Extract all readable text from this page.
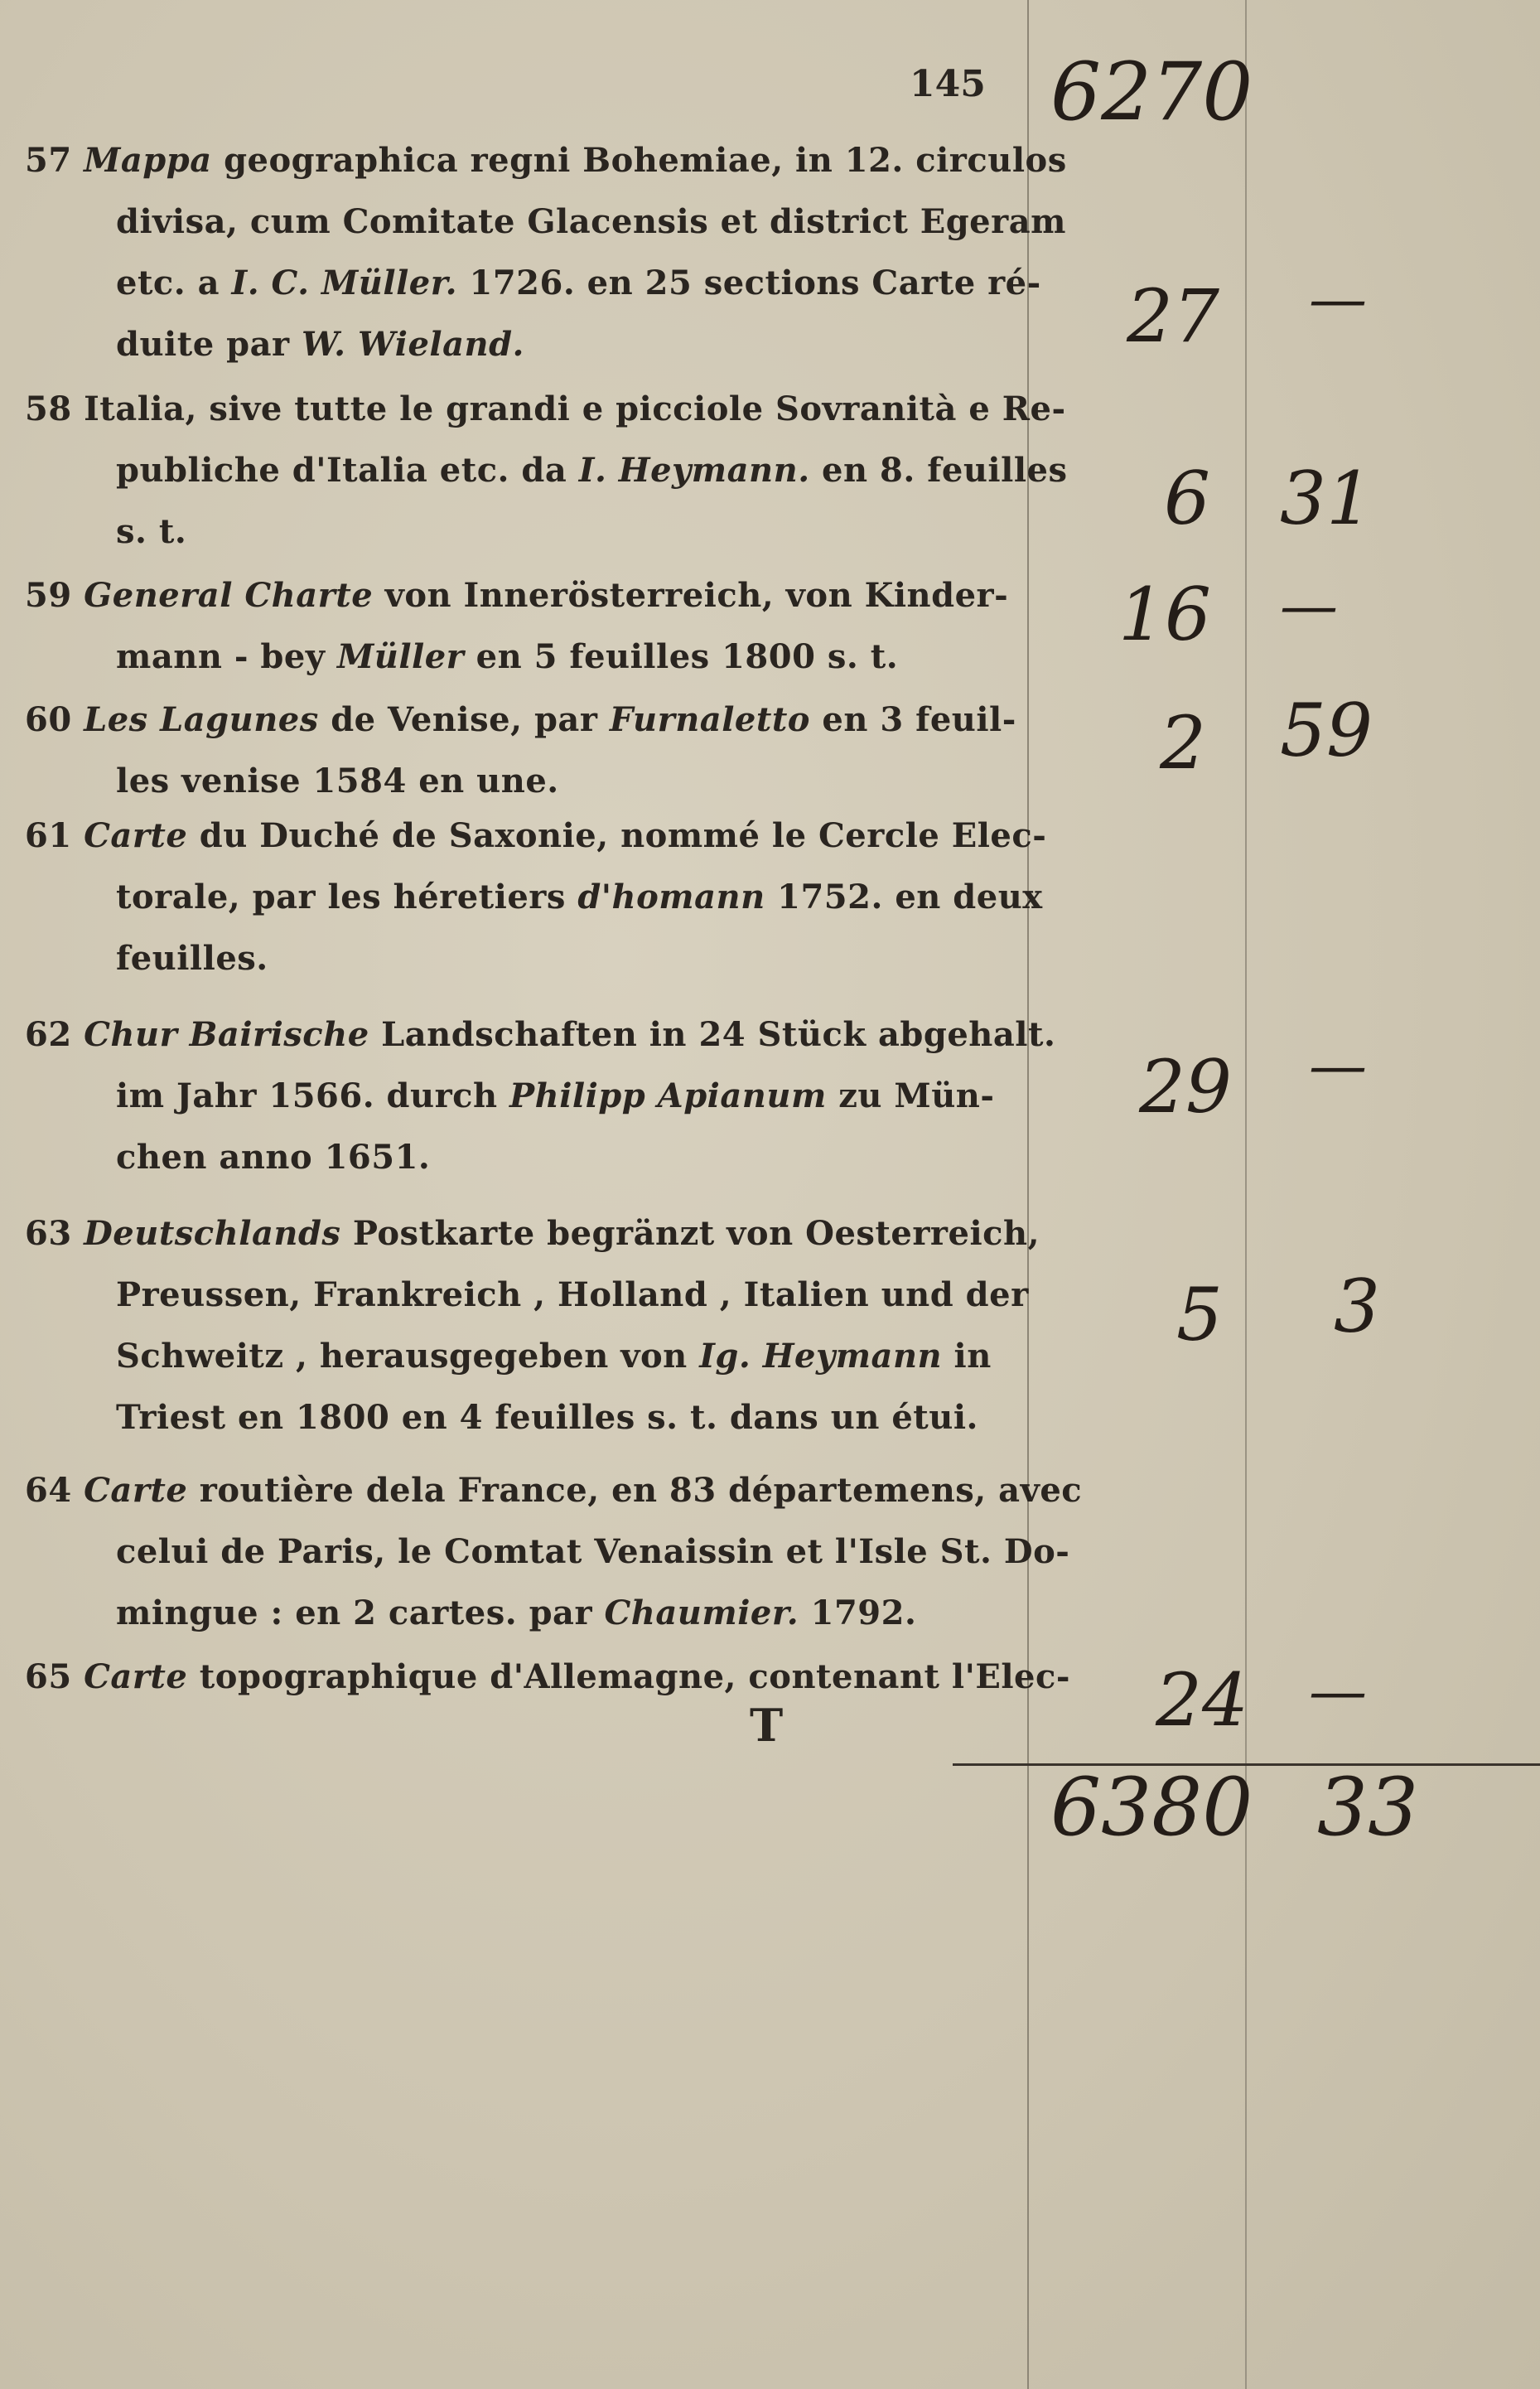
145
57 Mappa geographica regni Bohemiae, in 12. circulos
divisa, cum Comitate Glacensis et district Egeram
etc. a I. C. Müller. 1726. en 25 sections Carte ré-
duite par W. Wieland.
58 Italia, sive tutte le grandi e picciole Sovranità e Re-
publiche d'Italia etc. da I. Heymann. en 8. feuilles
s. t.
59 General Charte von Innerösterreich, von Kinder-
mann - bey Müller en 5 feuilles 1800 s. t.
60 Les Lagunes de Venise, par Furnaletto en 3 feuil-
les venise 1584 en une.
61 Carte du Duché de Saxonie, nommé le Cercle Elec-
torale, par les héretiers d'homann 1752. en deux
feuilles.
62 Chur Bairische Landschaften in 24 Stück abgehalt.
im Jahr 1566. durch Philipp Apianum zu Mün-
chen anno 1651.
63 Deutschlands Postkarte begränzt von Oesterreich,
Preussen, Frankreich , Holland , Italien und der
Schweitz , herausgegeben von Ig. Heymann in
Triest en 1800 en 4 feuilles s. t. dans un étui.
64 Carte routière dela France, en 83 départemens, avec
celui de Paris, le Comtat Venaissin et l'Isle St. Do-
mingue : en 2 cartes. par Chaumier. 1792.
65 Carte topographique d'Allemagne, contenant l'Elec-
T
6270
27 —
6 31
16 —
2 59
29 —
5 3
24 —
6380 33
